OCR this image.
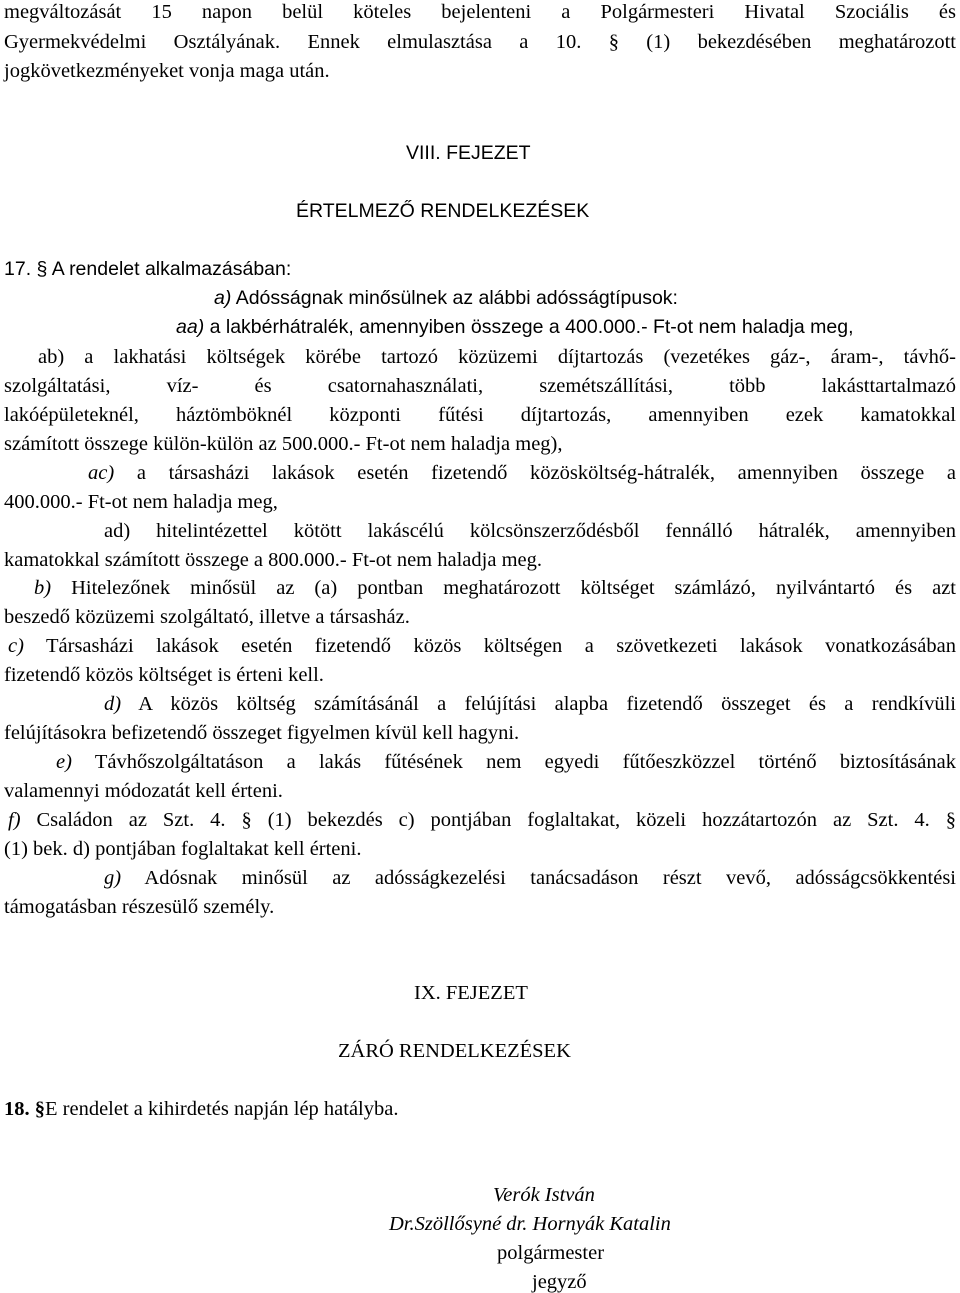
megváltozását 15 napon belül köteles bejelenteni a Polgármesteri Hivatal Szociális és
Gyermekvédelmi Osztályának. Ennek elmulasztása a 10. § (1) bekezdésében meghatározott
jogkövetkezményeket vonja maga után.
VIII. FEJEZET
ÉRTELMEZŐ RENDELKEZÉSEK
17. § A rendelet alkalmazásában:
a) Adósságnak minősülnek az alábbi adósságtípusok:
aa) a lakbérhátralék, amennyiben összege a 400.000.- Ft-ot nem haladja meg,
ab) a lakhatási költségek körébe tartozó közüzemi díjtartozás (vezetékes gáz-, áram-, távhő-
szolgáltatási, víz- és csatornahasználati, szemétszállítási, több lakásttartalmazó
lakóépületeknél, háztömböknél központi fűtési díjtartozás, amennyiben ezek kamatokkal
számított összege külön-külön az 500.000.- Ft-ot nem haladja meg),
ac) a társasházi lakások esetén fizetendő közösköltség-hátralék, amennyiben összege a
400.000.- Ft-ot nem haladja meg,
ad) hitelintézettel kötött lakáscélú kölcsönszerződésből fennálló hátralék, amennyiben
kamatokkal számított összege a 800.000.- Ft-ot nem haladja meg.
b) Hitelezőnek minősül az (a) pontban meghatározott költséget számlázó, nyilvántartó és azt
beszedő közüzemi szolgáltató, illetve a társasház.
c) Társasházi lakások esetén fizetendő közös költségen a szövetkezeti lakások vonatkozásában
fizetendő közös költséget is érteni kell.
d) A közös költség számításánál a felújítási alapba fizetendő összeget és a rendkívüli
felújításokra befizetendő összeget figyelmen kívül kell hagyni.
e) Távhőszolgáltatáson a lakás fűtésének nem egyedi fűtőeszközzel történő biztosításának
valamennyi módozatát kell érteni.
f) Családon az Szt. 4. § (1) bekezdés c) pontjában foglaltakat, közeli hozzátartozón az Szt. 4. §
(1) bek. d) pontjában foglaltakat kell érteni.
g) Adósnak minősül az adósságkezelési tanácsadáson részt vevő, adósságcsökkentési
támogatásban részesülő személy.
IX. FEJEZET
ZÁRÓ RENDELKEZÉSEK
18. §E rendelet a kihirdetés napján lép hatályba.
Verók István
Dr.Szöllősyné dr. Hornyák Katalin
polgármester
jegyző
